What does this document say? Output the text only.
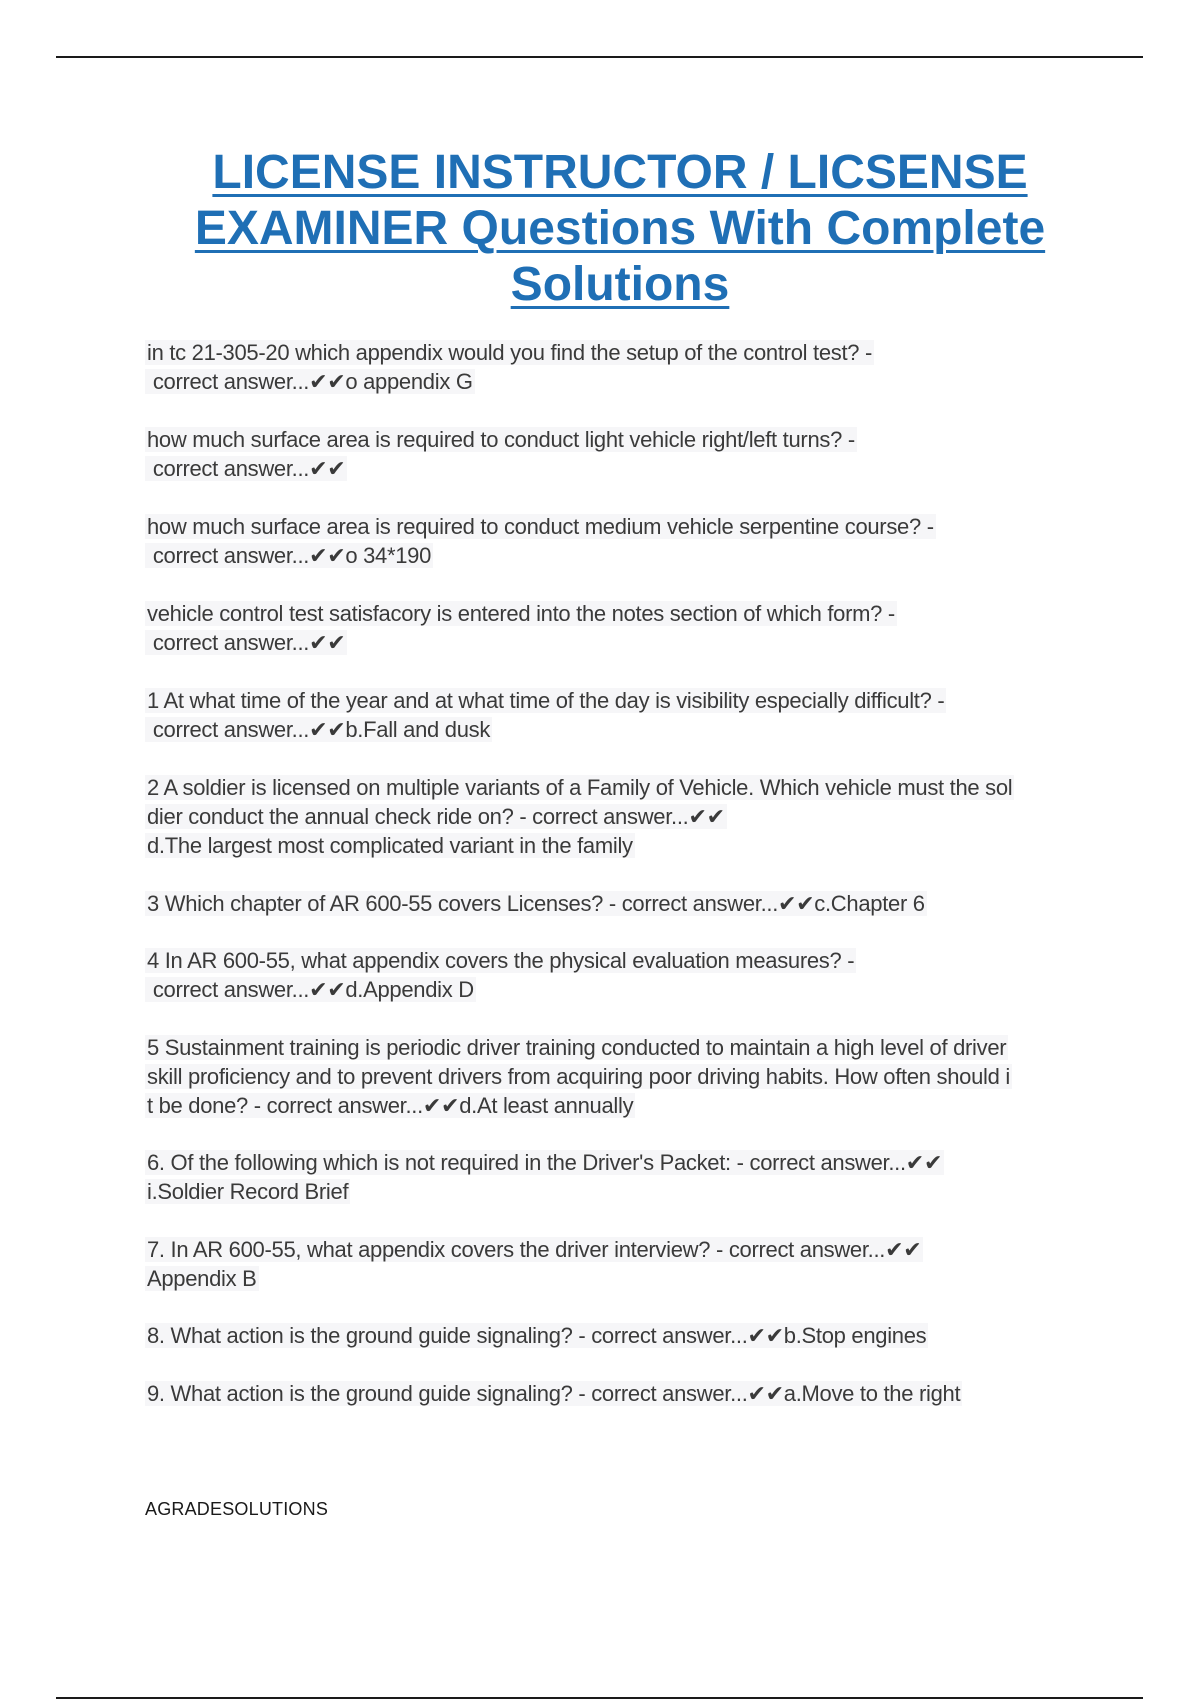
LICENSE INSTRUCTOR / LICSENSE
EXAMINER Questions With Complete
Solutions
in tc 21-305-20 which appendix would you find the setup of the control test? -
correct answer...✔✔o appendix G
how much surface area is required to conduct light vehicle right/left turns? -
correct answer...✔✔
how much surface area is required to conduct medium vehicle serpentine course? -
correct answer...✔✔o 34*190
vehicle control test satisfacory is entered into the notes section of which form? -
correct answer...✔✔
1 At what time of the year and at what time of the day is visibility especially difficult? -
correct answer...✔✔b.Fall and dusk
2 A soldier is licensed on multiple variants of a Family of Vehicle. Which vehicle must the sol
dier conduct the annual check ride on? - correct answer...✔✔
d.The largest most complicated variant in the family
3 Which chapter of AR 600-55 covers Licenses? - correct answer...✔✔c.Chapter 6
4 In AR 600-55, what appendix covers the physical evaluation measures? -
correct answer...✔✔d.Appendix D
5 Sustainment training is periodic driver training conducted to maintain a high level of driver
skill proficiency and to prevent drivers from acquiring poor driving habits. How often should i
t be done? - correct answer...✔✔d.At least annually
6. Of the following which is not required in the Driver's Packet: - correct answer...✔✔
i.Soldier Record Brief
7. In AR 600-55, what appendix covers the driver interview? - correct answer...✔✔
Appendix B
8. What action is the ground guide signaling? - correct answer...✔✔b.Stop engines
9. What action is the ground guide signaling? - correct answer...✔✔a.Move to the right
AGRADESOLUTIONS
